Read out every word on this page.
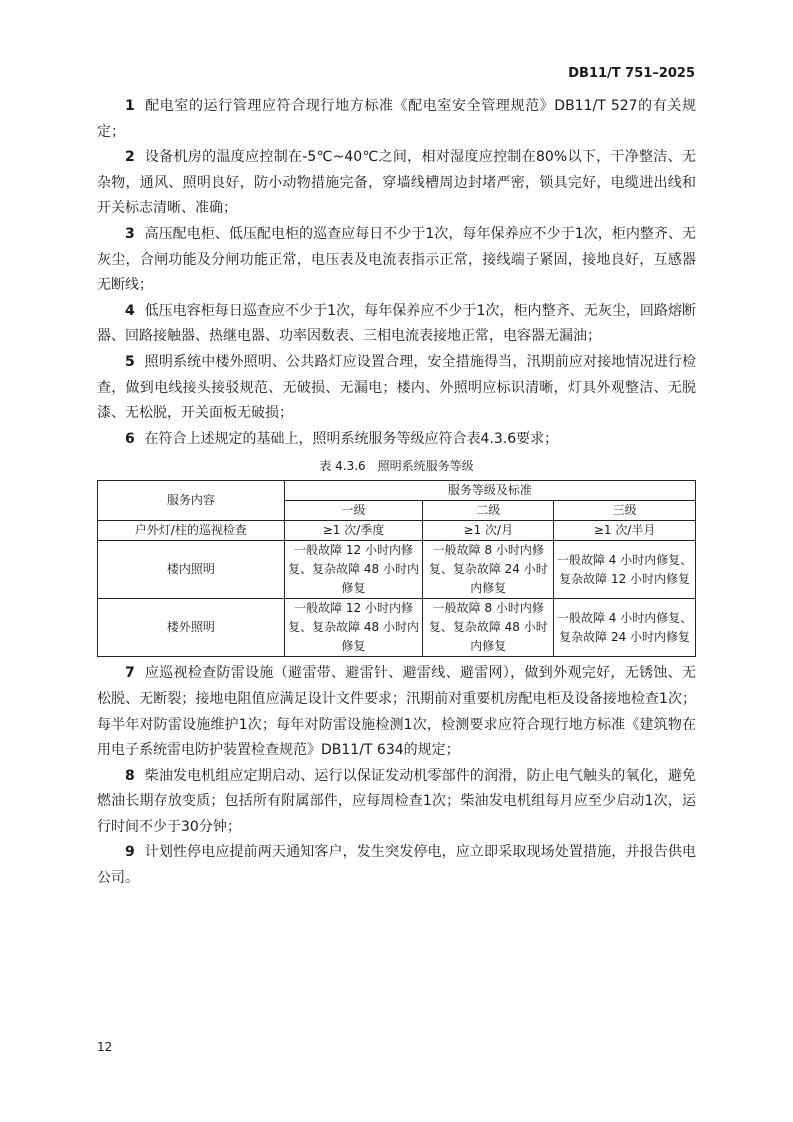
DB11/T 751–2025

1 配电室的运行管理应符合现行地方标准《配电室安全管理规范》DB11/T 527的有关规定；

2 设备机房的温度应控制在-5℃~40℃之间，相对湿度应控制在80%以下，干净整洁、无杂物，通风、照明良好，防小动物措施完备，穿墙线槽周边封堵严密，锁具完好，电缆进出线和开关标志清晰、准确；

3 高压配电柜、低压配电柜的巡查应每日不少于1次，每年保养应不少于1次，柜内整齐、无灰尘，合闸功能及分闸功能正常，电压表及电流表指示正常，接线端子紧固，接地良好，互感器无断线；

4 低压电容柜每日巡查应不少于1次，每年保养应不少于1次，柜内整齐、无灰尘，回路熔断器、回路接触器、热继电器、功率因数表、三相电流表接地正常，电容器无漏油；

5 照明系统中楼外照明、公共路灯应设置合理，安全措施得当，汛期前应对接地情况进行检查，做到电线接头接驳规范、无破损、无漏电；楼内、外照明应标识清晰，灯具外观整洁、无脱漆、无松脱，开关面板无破损；

6 在符合上述规定的基础上，照明系统服务等级应符合表4.3.6要求；

表 4.3.6　照明系统服务等级
服务内容	服务等级及标准		
	一级	二级	三级
户外灯/柱的巡视检查	≥1 次/季度	≥1 次/月	≥1 次/半月
楼内照明	一般故障 12 小时内修复、复杂故障 48 小时内修复	一般故障 8 小时内修复、复杂故障 24 小时内修复	一般故障 4 小时内修复、复杂故障 12 小时内修复
楼外照明	一般故障 12 小时内修复、复杂故障 48 小时内修复	一般故障 8 小时内修复、复杂故障 48 小时内修复	一般故障 4 小时内修复、复杂故障 24 小时内修复

7 应巡视检查防雷设施（避雷带、避雷针、避雷线、避雷网），做到外观完好，无锈蚀、无松脱、无断裂；接地电阻值应满足设计文件要求；汛期前对重要机房配电柜及设备接地检查1次；每半年对防雷设施维护1次；每年对防雷设施检测1次，检测要求应符合现行地方标准《建筑物在用电子系统雷电防护装置检查规范》DB11/T 634的规定；

8 柴油发电机组应定期启动、运行以保证发动机零部件的润滑，防止电气触头的氧化，避免燃油长期存放变质；包括所有附属部件，应每周检查1次；柴油发电机组每月应至少启动1次，运行时间不少于30分钟；

9 计划性停电应提前两天通知客户，发生突发停电，应立即采取现场处置措施，并报告供电公司。

12
